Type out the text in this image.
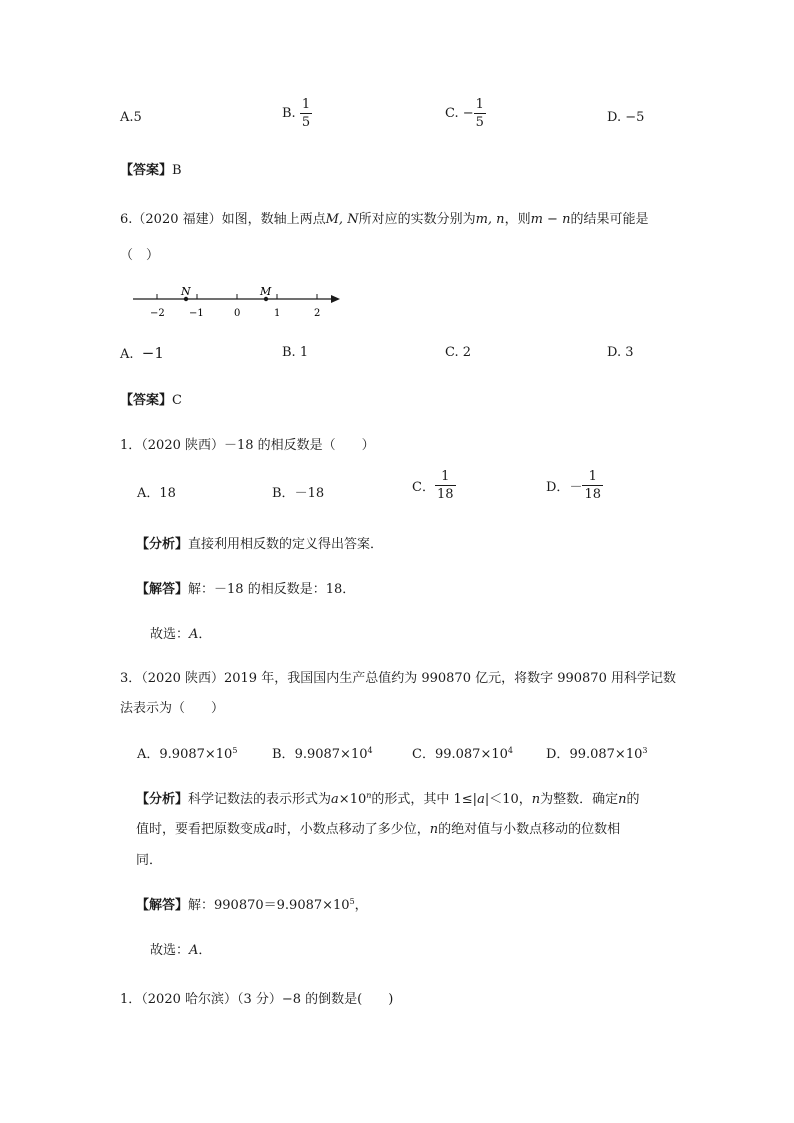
A.5	B. $\frac{1}{5}$	C. − $\frac{1}{5}$	D. −5
【答案】B
6.（2020 福建）如图，数轴上两点M, N所对应的实数分别为m, n，则m − n的结果可能是
（　）
N	M
−2 −1	0	1	2
A. −1	B. 1	C. 2	D. 3
【答案】C
1．（2020 陕西）－18 的相反数是（　　）
A．18	B．－18	C． $\frac{1}{18}$	D．－ $\frac{1}{18}$
【分析】直接利用相反数的定义得出答案．
【解答】解：－18 的相反数是：18．
故选：A．
3．（2020 陕西）2019 年，我国国内生产总值约为 990870 亿元，将数字 990870 用科学记数
法表示为（　　）
A．$9.9087\times 10^5$	B．$9.9087\times 10^4$	C．$99.087\times 10^4$	D．$99.087\times 10^3$
【分析】科学记数法的表示形式为$a\times 10^n$的形式，其中 1≤|a|＜10，n为整数．确定n的
值时，要看把原数变成a时，小数点移动了多少位，n的绝对值与小数点移动的位数相
同．
【解答】解：$990870=9.9087\times 10^5$，
故选：A．
1．（2020 哈尔滨）（3 分）−8 的倒数是(　　)
